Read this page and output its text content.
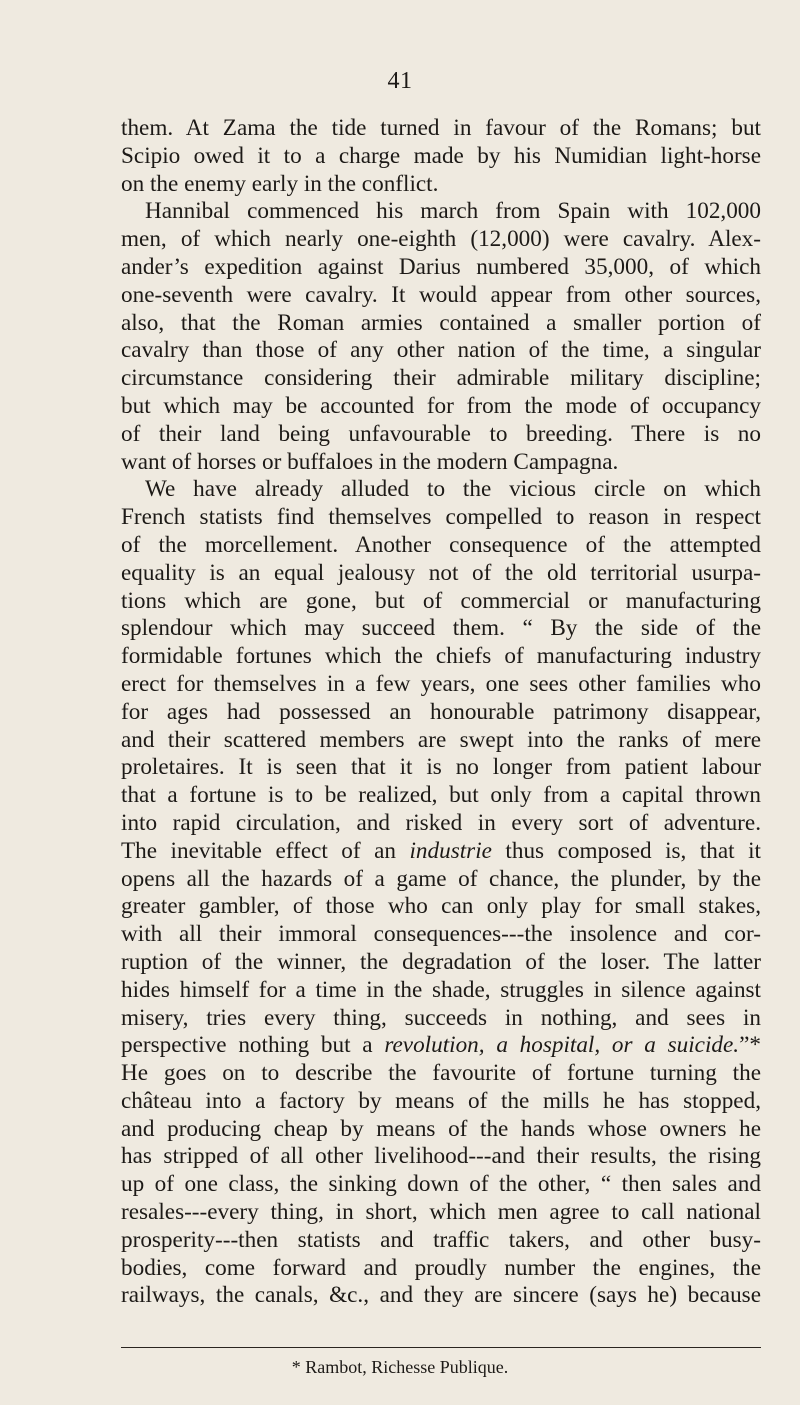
41
them. At Zama the tide turned in favour of the Romans; but
Scipio owed it to a charge made by his Numidian light-horse
on the enemy early in the conflict.
Hannibal commenced his march from Spain with 102,000
men, of which nearly one-eighth (12,000) were cavalry. Alex-
ander’s expedition against Darius numbered 35,000, of which
one-seventh were cavalry. It would appear from other sources,
also, that the Roman armies contained a smaller portion of
cavalry than those of any other nation of the time, a singular
circumstance considering their admirable military discipline;
but which may be accounted for from the mode of occupancy
of their land being unfavourable to breeding. There is no
want of horses or buffaloes in the modern Campagna.
We have already alluded to the vicious circle on which
French statists find themselves compelled to reason in respect
of the morcellement. Another consequence of the attempted
equality is an equal jealousy not of the old territorial usurpa-
tions which are gone, but of commercial or manufacturing
splendour which may succeed them. “ By the side of the
formidable fortunes which the chiefs of manufacturing industry
erect for themselves in a few years, one sees other families who
for ages had possessed an honourable patrimony disappear,
and their scattered members are swept into the ranks of mere
proletaires. It is seen that it is no longer from patient labour
that a fortune is to be realized, but only from a capital thrown
into rapid circulation, and risked in every sort of adventure.
The inevitable effect of an industrie thus composed is, that it
opens all the hazards of a game of chance, the plunder, by the
greater gambler, of those who can only play for small stakes,
with all their immoral consequences---the insolence and cor-
ruption of the winner, the degradation of the loser. The latter
hides himself for a time in the shade, struggles in silence against
misery, tries every thing, succeeds in nothing, and sees in
perspective nothing but a revolution, a hospital, or a suicide.”*
He goes on to describe the favourite of fortune turning the
château into a factory by means of the mills he has stopped,
and producing cheap by means of the hands whose owners he
has stripped of all other livelihood---and their results, the rising
up of one class, the sinking down of the other, “ then sales and
resales---every thing, in short, which men agree to call national
prosperity---then statists and traffic takers, and other busy-
bodies, come forward and proudly number the engines, the
railways, the canals, &c., and they are sincere (says he) because
* Rambot, Richesse Publique.
